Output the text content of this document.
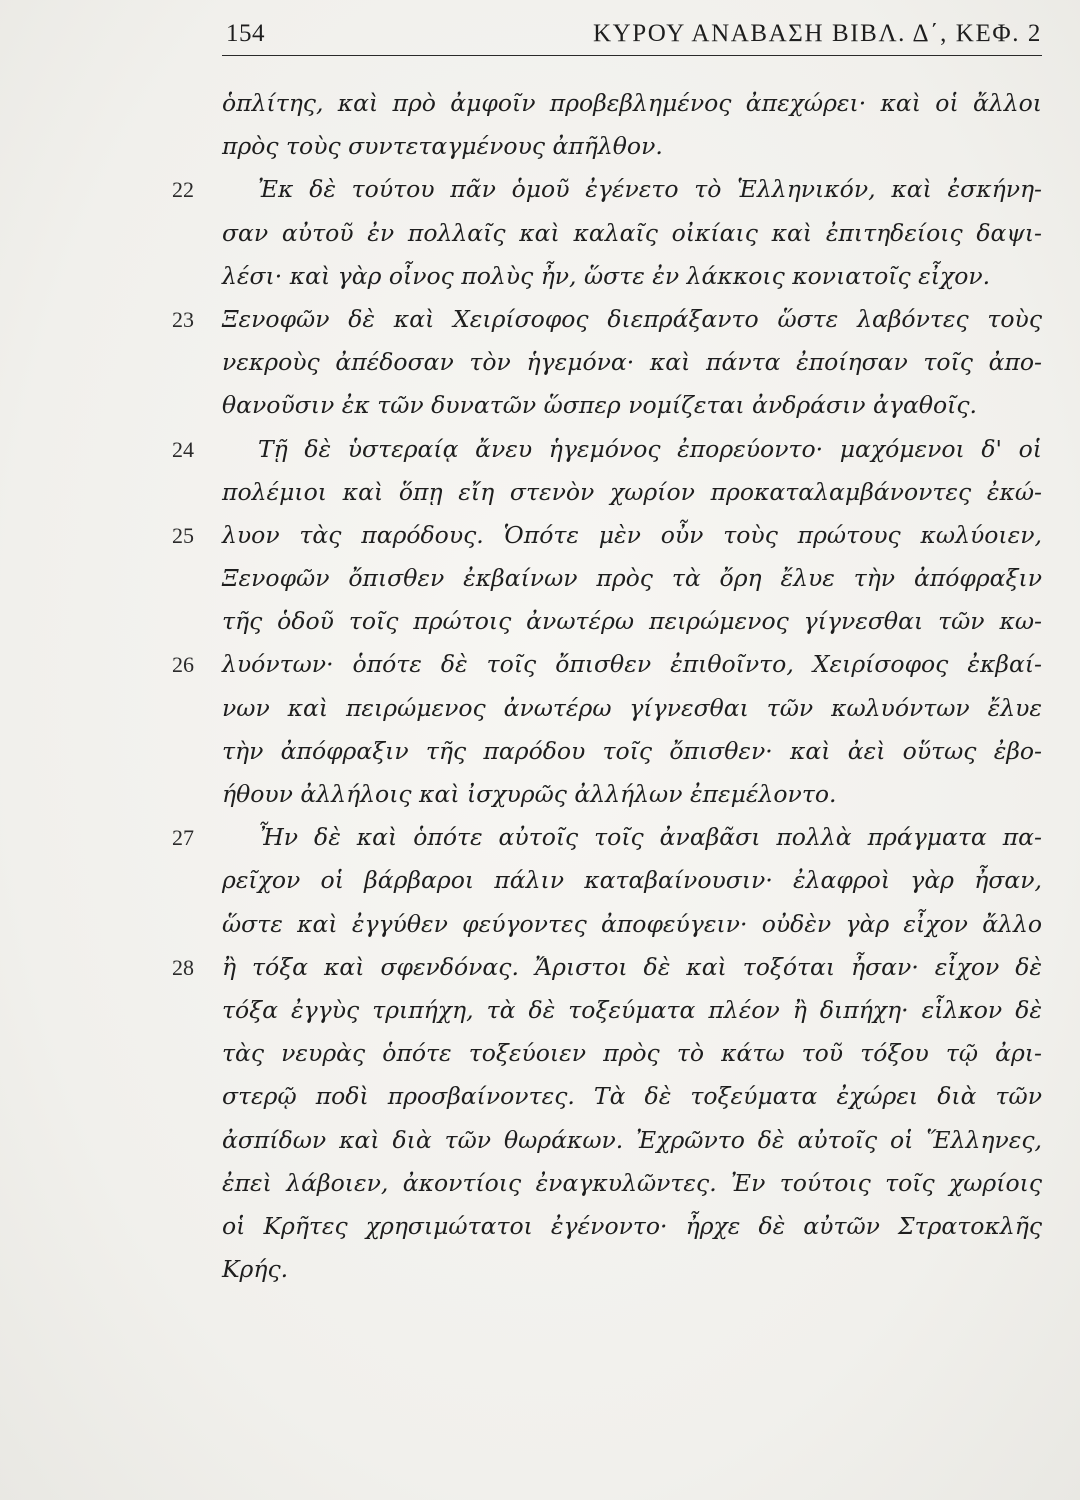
154	ΚΥΡΟΥ ΑΝΑΒΑΣΗ ΒΙΒΛ. Δ΄, ΚΕΦ. 2
ὁπλίτης, καὶ πρὸ ἀμφοῖν προβεβλημένος ἀπεχώρει· καὶ οἱ ἄλλοι
πρὸς τοὺς συντεταγμένους ἀπῆλθον.
22	Ἐκ δὲ τούτου πᾶν ὁμοῦ ἐγένετο τὸ Ἑλληνικόν, καὶ ἐσκήνη-
σαν αὐτοῦ ἐν πολλαῖς καὶ καλαῖς οἰκίαις καὶ ἐπιτηδείοις δαψι-
λέσι· καὶ γὰρ οἶνος πολὺς ἦν, ὥστε ἐν λάκκοις κονιατοῖς εἶχον.
23 Ξενοφῶν δὲ καὶ Χειρίσοφος διεπράξαντο ὥστε λαβόντες τοὺς
νεκροὺς ἀπέδοσαν τὸν ἡγεμόνα· καὶ πάντα ἐποίησαν τοῖς ἀπο-
θανοῦσιν ἐκ τῶν δυνατῶν ὥσπερ νομίζεται ἀνδράσιν ἀγαθοῖς.
24	Τῇ δὲ ὑστεραίᾳ ἄνευ ἡγεμόνος ἐπορεύοντο· μαχόμενοι δ' οἱ
πολέμιοι καὶ ὅπῃ εἴη στενὸν χωρίον προκαταλαμβάνοντες ἐκώ-
25 λυον τὰς παρόδους. Ὁπότε μὲν οὖν τοὺς πρώτους κωλύοιεν,
Ξενοφῶν ὄπισθεν ἐκβαίνων πρὸς τὰ ὄρη ἔλυε τὴν ἀπόφραξιν
τῆς ὁδοῦ τοῖς πρώτοις ἀνωτέρω πειρώμενος γίγνεσθαι τῶν κω-
26 λυόντων· ὁπότε δὲ τοῖς ὄπισθεν ἐπιθοῖντο, Χειρίσοφος ἐκβαί-
νων καὶ πειρώμενος ἀνωτέρω γίγνεσθαι τῶν κωλυόντων ἔλυε
τὴν ἀπόφραξιν τῆς παρόδου τοῖς ὄπισθεν· καὶ ἀεὶ οὕτως ἐβο-
ήθουν ἀλλήλοις καὶ ἰσχυρῶς ἀλλήλων ἐπεμέλοντο.
27	Ἦν δὲ καὶ ὁπότε αὐτοῖς τοῖς ἀναβᾶσι πολλὰ πράγματα πα-
ρεῖχον οἱ βάρβαροι πάλιν καταβαίνουσιν· ἐλαφροὶ γὰρ ἦσαν,
ὥστε καὶ ἐγγύθεν φεύγοντες ἀποφεύγειν· οὐδὲν γὰρ εἶχον ἄλλο
28 ἢ τόξα καὶ σφενδόνας. Ἄριστοι δὲ καὶ τοξόται ἦσαν· εἶχον δὲ
τόξα ἐγγὺς τριπήχη, τὰ δὲ τοξεύματα πλέον ἢ διπήχη· εἷλκον δὲ
τὰς νευρὰς ὁπότε τοξεύοιεν πρὸς τὸ κάτω τοῦ τόξου τῷ ἀρι-
στερῷ ποδὶ προσβαίνοντες. Τὰ δὲ τοξεύματα ἐχώρει διὰ τῶν
ἀσπίδων καὶ διὰ τῶν θωράκων. Ἐχρῶντο δὲ αὐτοῖς οἱ Ἕλληνες,
ἐπεὶ λάβοιεν, ἀκοντίοις ἐναγκυλῶντες. Ἐν τούτοις τοῖς χωρίοις
οἱ Κρῆτες χρησιμώτατοι ἐγένοντο· ἦρχε δὲ αὐτῶν Στρατοκλῆς
Κρής.
